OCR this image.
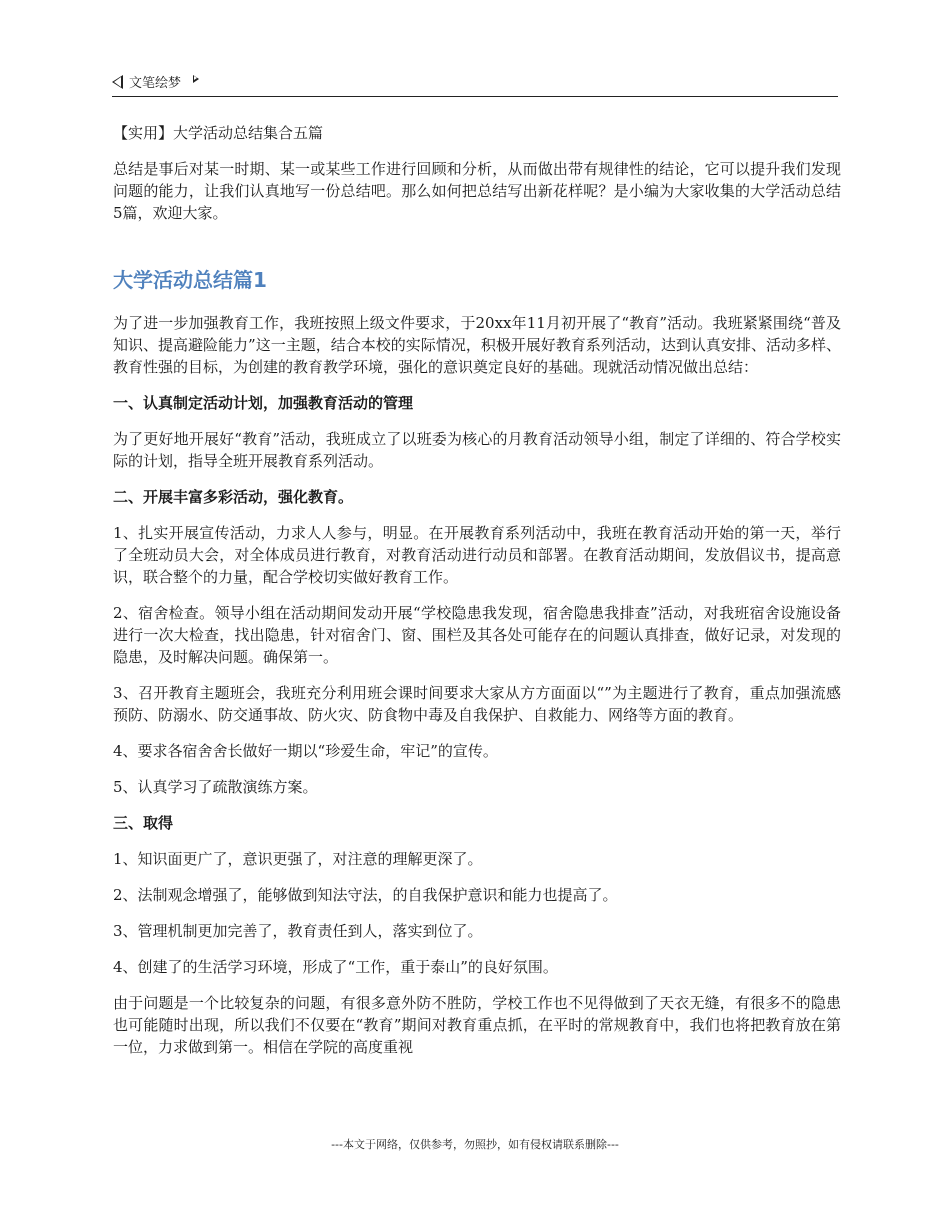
文笔绘梦

【实用】大学活动总结集合五篇

总结是事后对某一时期、某一或某些工作进行回顾和分析，从而做出带有规律性的结论，它可以提升我们发现问题的能力，让我们认真地写一份总结吧。那么如何把总结写出新花样呢？是小编为大家收集的大学活动总结5篇，欢迎大家。

大学活动总结篇1

为了进一步加强教育工作，我班按照上级文件要求，于20xx年11月初开展了“教育”活动。我班紧紧围绕“普及知识、提高避险能力”这一主题，结合本校的实际情况，积极开展好教育系列活动，达到认真安排、活动多样、教育性强的目标，为创建的教育教学环境，强化的意识奠定良好的基础。现就活动情况做出总结：

一、认真制定活动计划，加强教育活动的管理

为了更好地开展好“教育”活动，我班成立了以班委为核心的月教育活动领导小组，制定了详细的、符合学校实际的计划，指导全班开展教育系列活动。

二、开展丰富多彩活动，强化教育。

1、扎实开展宣传活动，力求人人参与，明显。在开展教育系列活动中，我班在教育活动开始的第一天，举行了全班动员大会，对全体成员进行教育，对教育活动进行动员和部署。在教育活动期间，发放倡议书，提高意识，联合整个的力量，配合学校切实做好教育工作。

2、宿舍检查。领导小组在活动期间发动开展“学校隐患我发现，宿舍隐患我排查”活动，对我班宿舍设施设备进行一次大检查，找出隐患，针对宿舍门、窗、围栏及其各处可能存在的问题认真排查，做好记录，对发现的隐患，及时解决问题。确保第一。

3、召开教育主题班会，我班充分利用班会课时间要求大家从方方面面以“”为主题进行了教育，重点加强流感预防、防溺水、防交通事故、防火灾、防食物中毒及自我保护、自救能力、网络等方面的教育。

4、要求各宿舍舍长做好一期以“珍爱生命，牢记”的宣传。

5、认真学习了疏散演练方案。

三、取得

1、知识面更广了，意识更强了，对注意的理解更深了。

2、法制观念增强了，能够做到知法守法，的自我保护意识和能力也提高了。

3、管理机制更加完善了，教育责任到人，落实到位了。

4、创建了的生活学习环境，形成了“工作，重于泰山”的良好氛围。

由于问题是一个比较复杂的问题，有很多意外防不胜防，学校工作也不见得做到了天衣无缝，有很多不的隐患也可能随时出现，所以我们不仅要在“教育”期间对教育重点抓，在平时的常规教育中，我们也将把教育放在第一位，力求做到第一。相信在学院的高度重视

---本文于网络，仅供参考，勿照抄，如有侵权请联系删除---
